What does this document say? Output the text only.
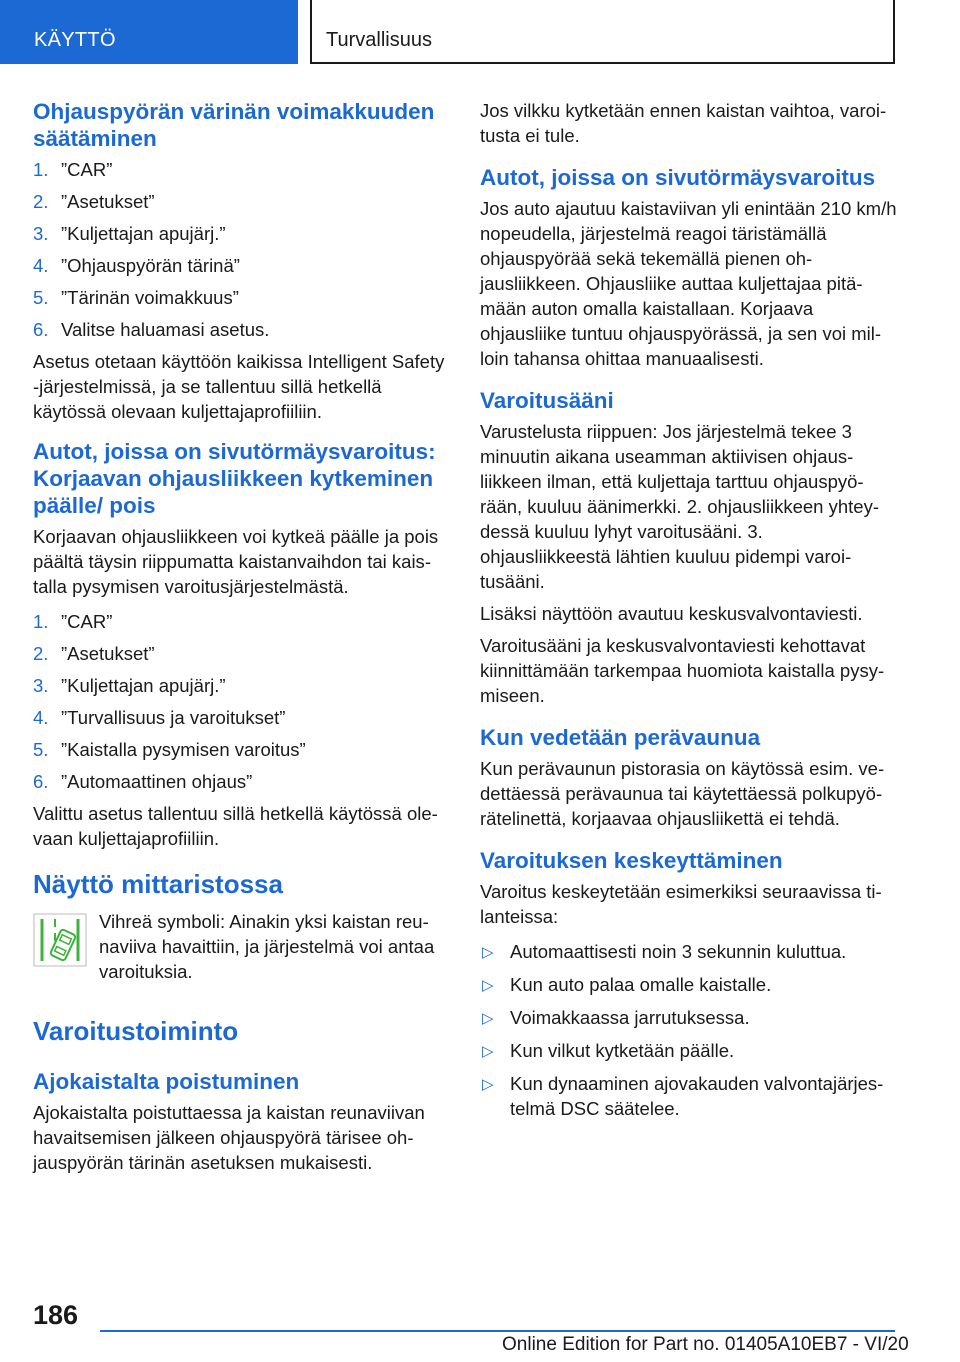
KÄYTTÖ	Turvallisuus
Ohjauspyörän värinän voimakkuuden säätäminen
1. ”CAR”
2. ”Asetukset”
3. ”Kuljettajan apujärj.”
4. ”Ohjauspyörän tärinä”
5. ”Tärinän voimakkuus”
6. Valitse haluamasi asetus.

Asetus otetaan käyttöön kaikissa Intelligent Safety -järjestelmissä, ja se tallentuu sillä hetkellä käytössä olevaan kuljettajaprofiiliin.

Autot, joissa on sivutörmäysvaroitus: Korjaavan ohjausliikkeen kytkeminen päälle/ pois

Korjaavan ohjausliikkeen voi kytkeä päälle ja pois päältä täysin riippumatta kaistanvaihdon tai kaistalla pysymisen varoitusjärjestelmästä.

1. ”CAR”
2. ”Asetukset”
3. ”Kuljettajan apujärj.”
4. ”Turvallisuus ja varoitukset”
5. ”Kaistalla pysymisen varoitus”
6. ”Automaattinen ohjaus”

Valittu asetus tallentuu sillä hetkellä käytössä olevaan kuljettajaprofiiliin.

Näyttö mittaristossa
Vihreä symboli: Ainakin yksi kaistan reunaviiva havaittiin, ja järjestelmä voi antaa varoituksia.
Varoitustoiminto
Ajokaistalta poistuminen

Ajokaistalta poistuttaessa ja kaistan reunaviivan havaitsemisen jälkeen ohjauspyörä tärisee ohjauspyörän tärinän asetuksen mukaisesti.

Jos vilkku kytketään ennen kaistan vaihtoa, varoitusta ei tule.

Autot, joissa on sivutörmäysvaroitus

Jos auto ajautuu kaistaviivan yli enintään 210 km/h nopeudella, järjestelmä reagoi täristämällä ohjauspyörää sekä tekemällä pienen ohjausliikkeen. Ohjausliike auttaa kuljettajaa pitämään auton omalla kaistallaan. Korjaava ohjausliike tuntuu ohjauspyörässä, ja sen voi milloin tahansa ohittaa manuaalisesti.

Varoitusääni

Varustelusta riippuen: Jos järjestelmä tekee 3 minuutin aikana useamman aktiivisen ohjausliikkeen ilman, että kuljettaja tarttuu ohjauspyörään, kuuluu äänimerkki. 2. ohjausliikkeen yhteydessä kuuluu lyhyt varoitusääni. 3. ohjausliikkeestä lähtien kuuluu pidempi varoitusääni.

Lisäksi näyttöön avautuu keskusvalvontaviesti.

Varoitusääni ja keskusvalvontaviesti kehottavat kiinnittämään tarkempaa huomiota kaistalla pysymiseen.

Kun vedetään perävaunua

Kun perävaunun pistorasia on käytössä esim. vedettäessä perävaunua tai käytettäessä polkupyörätelinettä, korjaavaa ohjausliikettä ei tehdä.

Varoituksen keskeyttäminen

Varoitus keskeytetään esimerkiksi seuraavissa tilanteissa:

▷ Automaattisesti noin 3 sekunnin kuluttua.
▷ Kun auto palaa omalle kaistalle.
▷ Voimakkaassa jarrutuksessa.
▷ Kun vilkut kytketään päälle.
▷ Kun dynaaminen ajovakauden valvontajärjestelmä DSC säätelee.
186
Online Edition for Part no. 01405A10EB7 - VI/20
